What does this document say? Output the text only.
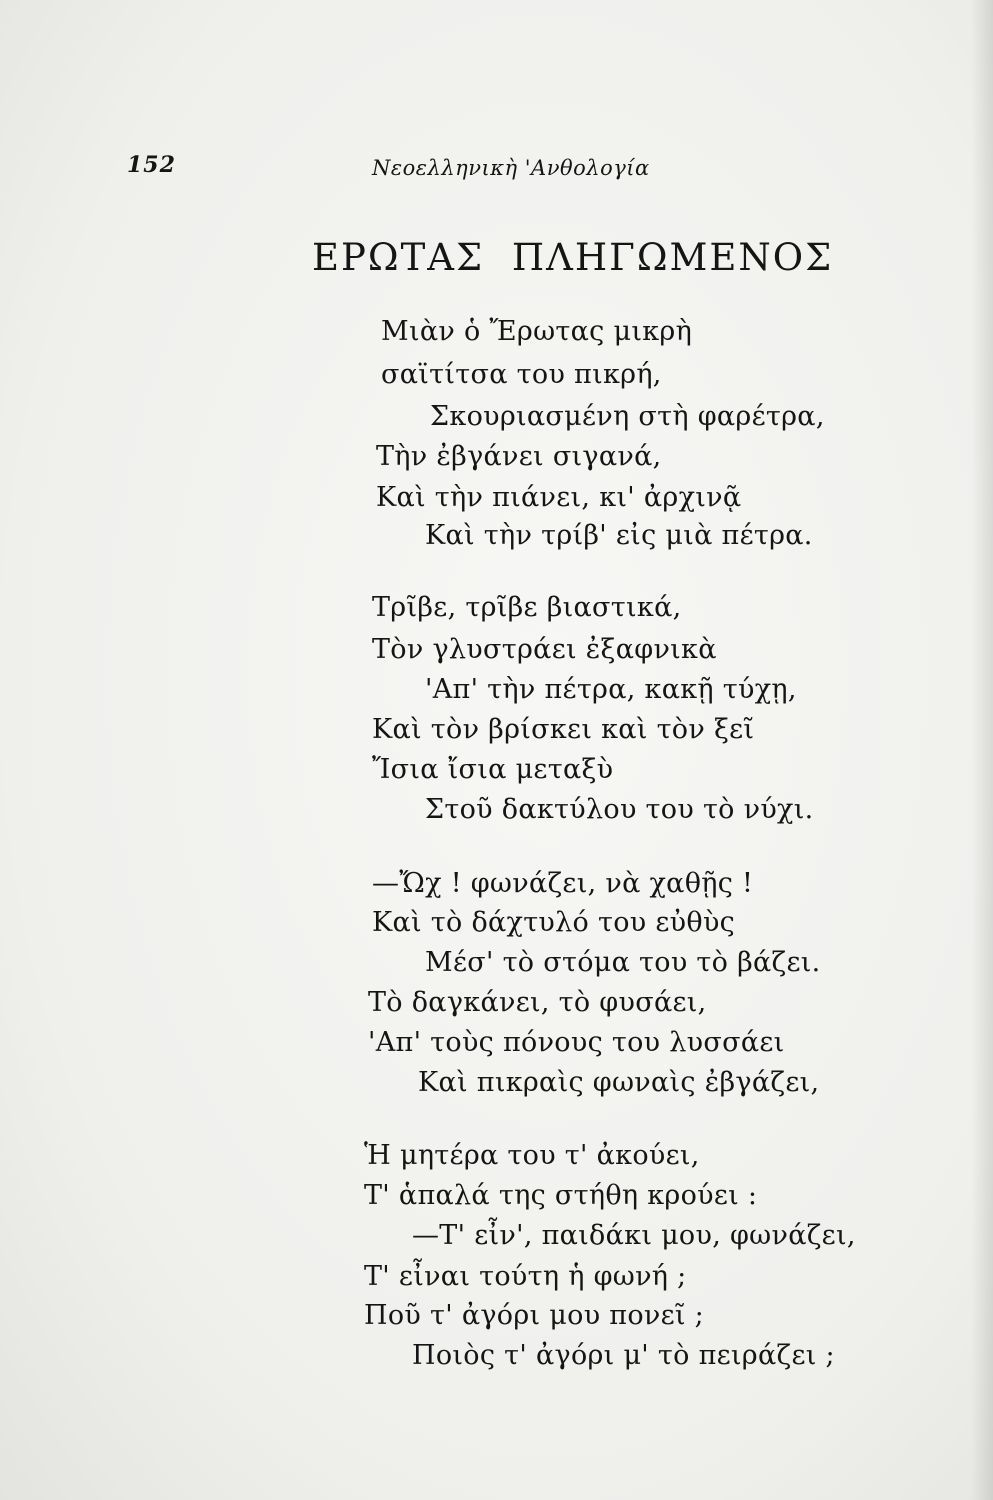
152	Νεοελληνικὴ 'Ανθολογία
ΕΡΩΤΑΣ ΠΛΗΓΩΜΕΝΟΣ
Μιὰν ὁ Ἔρωτας μικρὴ
σαϊτίτσα του πικρή,
Σκουριασμένη στὴ φαρέτρα,
Τὴν ἐβγάνει σιγανά,
Καὶ τὴν πιάνει, κι' ἀρχινᾷ
Καὶ τὴν τρίβ' εἰς μιὰ πέτρα.
Τρῖβε, τρῖβε βιαστικά,
Τὸν γλυστράει ἐξαφνικὰ
'Απ' τὴν πέτρα, κακῇ τύχῃ,
Καὶ τὸν βρίσκει καὶ τὸν ξεῖ
Ἴσια ἴσια μεταξὺ
Στοῦ δακτύλου του τὸ νύχι.
—Ὤχ ! φωνάζει, νὰ χαθῇς !
Καὶ τὸ δάχτυλό του εὐθὺς
Μέσ' τὸ στόμα του τὸ βάζει.
Τὸ δαγκάνει, τὸ φυσάει,
'Απ' τοὺς πόνους του λυσσάει
Καὶ πικραὶς φωναὶς ἐβγάζει,
Ἡ μητέρα του τ' ἀκούει,
Τ' ἁπαλά της στήθη κρούει :
—Τ' εἶν', παιδάκι μου, φωνάζει,
Τ' εἶναι τούτη ἡ φωνή ;
Ποῦ τ' ἀγόρι μου πονεῖ ;
Ποιὸς τ' ἀγόρι μ' τὸ πειράζει ;
